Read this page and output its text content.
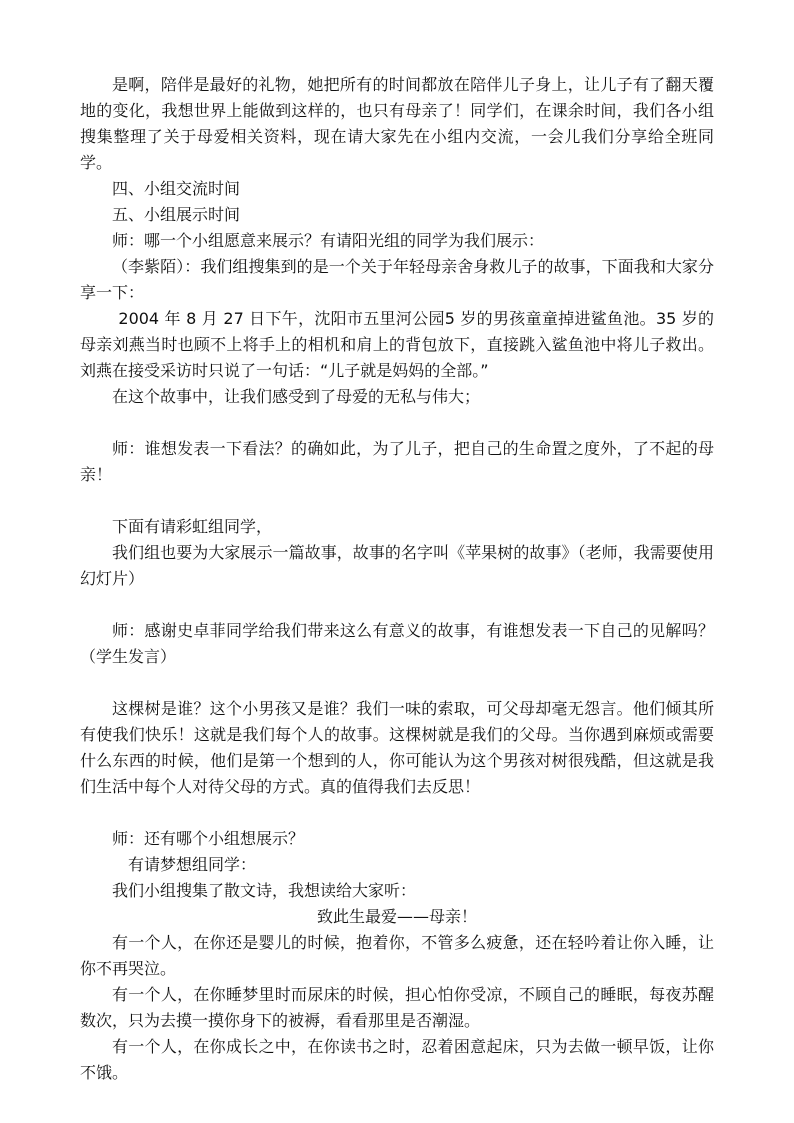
是啊，陪伴是最好的礼物，她把所有的时间都放在陪伴儿子身上，让儿子有了翻天覆地的变化，我想世界上能做到这样的，也只有母亲了！同学们，在课余时间，我们各小组搜集整理了关于母爱相关资料，现在请大家先在小组内交流，一会儿我们分享给全班同学。

四、小组交流时间

五、小组展示时间

师：哪一个小组愿意来展示？有请阳光组的同学为我们展示：

（李紫陌）：我们组搜集到的是一个关于年轻母亲舍身救儿子的故事，下面我和大家分享一下：

2004 年 8 月 27 日下午，沈阳市五里河公园5 岁的男孩童童掉进鲨鱼池。35 岁的母亲刘燕当时也顾不上将手上的相机和肩上的背包放下，直接跳入鲨鱼池中将儿子救出。刘燕在接受采访时只说了一句话：“儿子就是妈妈的全部。”

在这个故事中，让我们感受到了母爱的无私与伟大；

师：谁想发表一下看法？的确如此，为了儿子，把自己的生命置之度外，了不起的母亲！

下面有请彩虹组同学，

我们组也要为大家展示一篇故事，故事的名字叫《苹果树的故事》（老师，我需要使用幻灯片）

师：感谢史卓菲同学给我们带来这么有意义的故事，有谁想发表一下自己的见解吗？（学生发言）

这棵树是谁？这个小男孩又是谁？我们一味的索取，可父母却毫无怨言。他们倾其所有使我们快乐！这就是我们每个人的故事。这棵树就是我们的父母。当你遇到麻烦或需要什么东西的时候，他们是第一个想到的人，你可能认为这个男孩对树很残酷，但这就是我们生活中每个人对待父母的方式。真的值得我们去反思！

师：还有哪个小组想展示？

有请梦想组同学：

我们小组搜集了散文诗，我想读给大家听：

致此生最爱——母亲！

有一个人，在你还是婴儿的时候，抱着你，不管多么疲惫，还在轻吟着让你入睡，让你不再哭泣。

有一个人，在你睡梦里时而尿床的时候，担心怕你受凉，不顾自己的睡眠，每夜苏醒数次，只为去摸一摸你身下的被褥，看看那里是否潮湿。

有一个人，在你成长之中，在你读书之时，忍着困意起床，只为去做一顿早饭，让你不饿。
